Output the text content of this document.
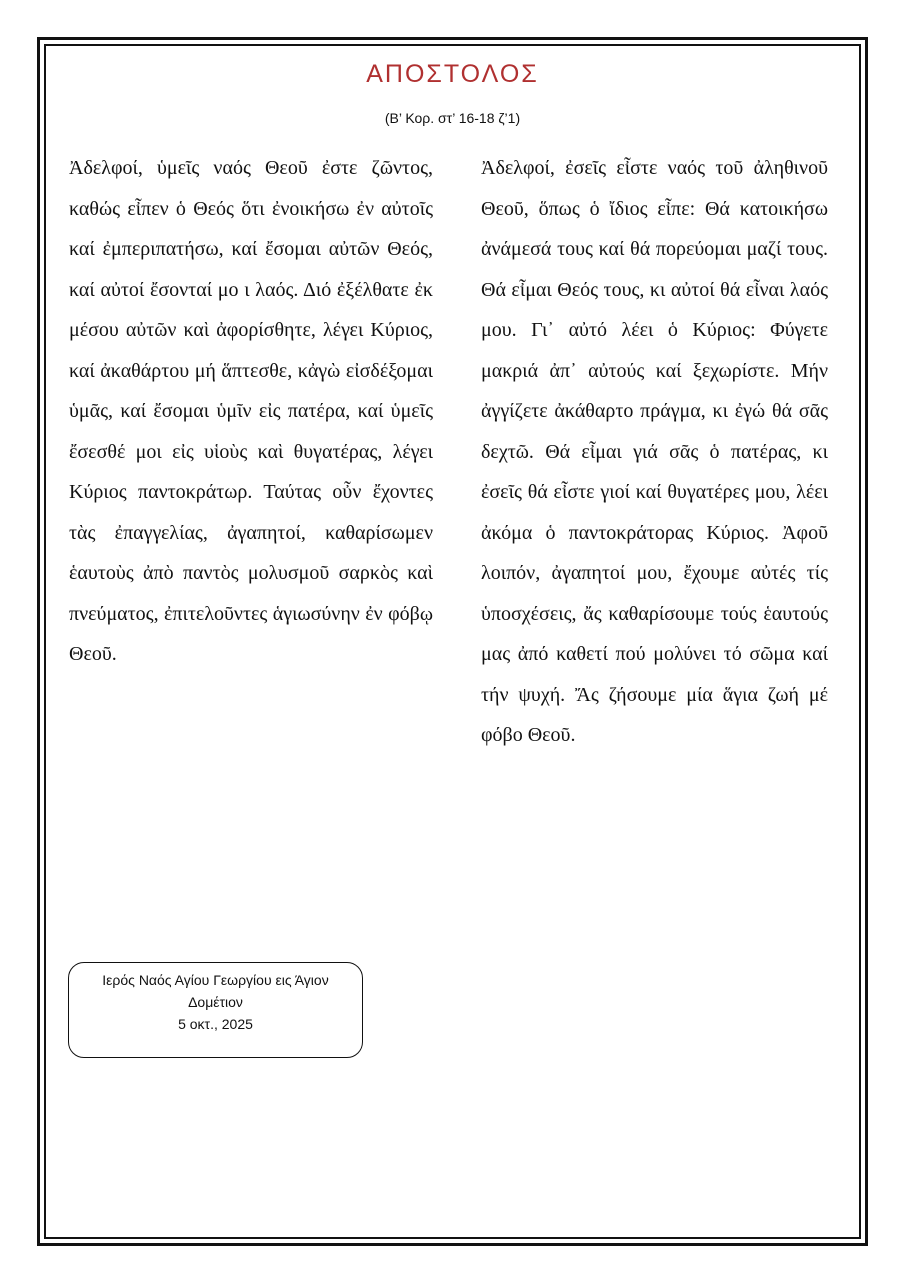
ΑΠΟΣΤΟΛΟΣ
(Β’ Κορ. στ’ 16-18 ζ’1)

Ἀδελφοί, ὑμεῖς ναός Θεοῦ ἐστε ζῶντος, καθώς εἶπεν ὁ Θεός ὅτι ἐνοικήσω ἐν αὐτοῖς καί ἐμπεριπατήσω, καί ἔσομαι αὐτῶν Θεός, καί αὐτοί ἔσονταί μο ι λαός. Διό ἐξέλθατε ἐκ μέσου αὐτῶν καὶ ἀφορίσθητε, λέγει Κύριος, καί ἀκαθάρτου μή ἅπτεσθε, κἀγὼ εἰσδέξομαι ὑμᾶς, καί ἔσομαι ὑμῖν εἰς πατέρα, καί ὑμεῖς ἔσεσθέ μοι εἰς υἱοὺς καὶ θυγατέρας, λέγει Κύριος παντοκράτωρ. Ταύτας οὖν ἔχοντες τὰς ἐπαγγελίας, ἀγαπητοί, καθαρίσωμεν ἑαυτοὺς ἀπὸ παντὸς μολυσμοῦ σαρκὸς καὶ πνεύματος, ἐπιτελοῦντες ἁγιωσύνην ἐν φόβῳ Θεοῦ.

Ἀδελφοί, ἐσεῖς εἶστε ναός τοῦ ἀληθινοῦ Θεοῦ, ὅπως ὁ ἴδιος εἶπε: Θά κατοικήσω ἀνάμεσά τους καί θά πορεύομαι μαζί τους. Θά εἶμαι Θεός τους, κι αὐτοί θά εἶναι λαός μου. Γι᾽ αὐτό λέει ὁ Κύριος: Φύγετε μακριά ἀπ᾽ αὐτούς καί ξεχωρίστε. Μήν ἀγγίζετε ἀκάθαρτο πράγμα, κι ἐγώ θά σᾶς δεχτῶ. Θά εἶμαι γιά σᾶς ὁ πατέρας, κι ἐσεῖς θά εἶστε γιοί καί θυγατέρες μου, λέει ἀκόμα ὁ παντοκράτορας Κύριος. Ἀφοῦ λοιπόν, ἀγαπητοί μου, ἔχουμε αὐτές τίς ὑποσχέσεις, ἄς καθαρίσουμε τούς ἑαυτούς μας ἀπό καθετί πού μολύνει τό σῶμα καί τήν ψυχή. Ἄς ζήσουμε μία ἅγια ζωή μέ φόβο Θεοῦ.

Ιερός Ναός Αγίου Γεωργίου εις Άγιον
Δομέτιον
5 οκτ., 2025
